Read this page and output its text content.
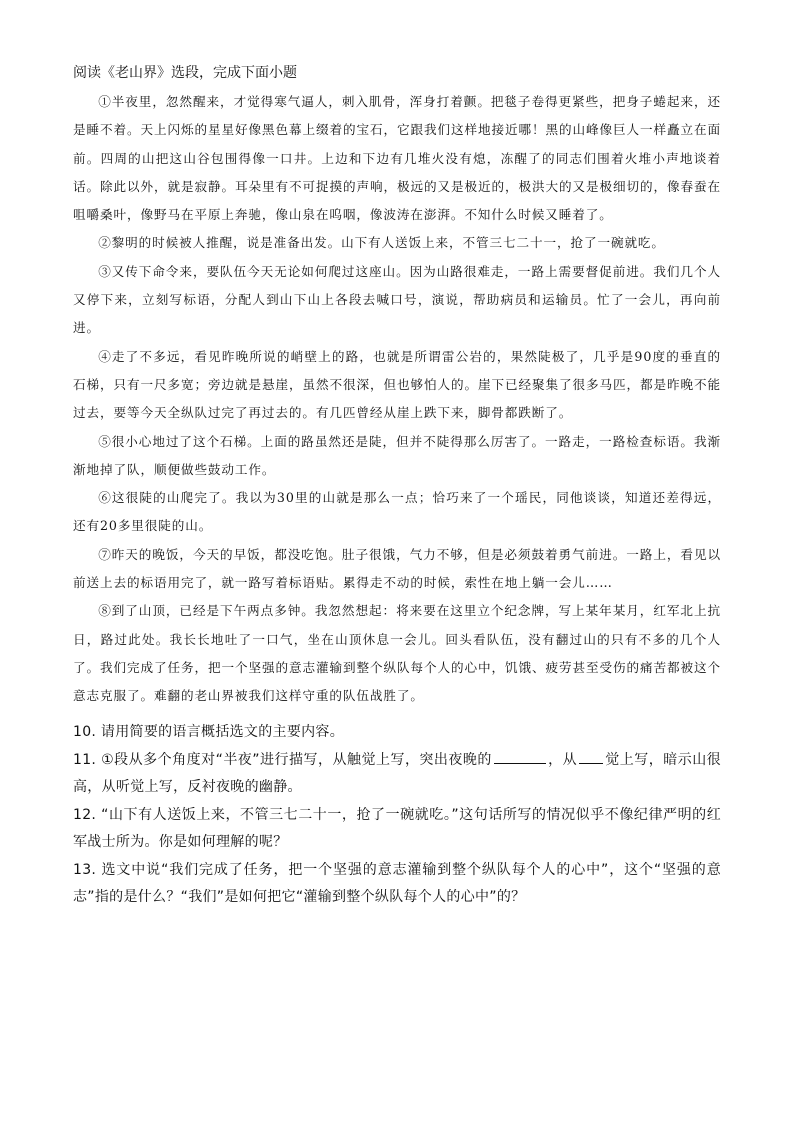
阅读《老山界》选段，完成下面小题

①半夜里，忽然醒来，才觉得寒气逼人，刺入肌骨，浑身打着颤。把毯子卷得更紧些，把身子蜷起来，还是睡不着。天上闪烁的星星好像黑色幕上缀着的宝石，它跟我们这样地接近哪！黑的山峰像巨人一样矗立在面前。四周的山把这山谷包围得像一口井。上边和下边有几堆火没有熄，冻醒了的同志们围着火堆小声地谈着话。除此以外，就是寂静。耳朵里有不可捉摸的声响，极远的又是极近的，极洪大的又是极细切的，像春蚕在咀嚼桑叶，像野马在平原上奔驰，像山泉在呜咽，像波涛在澎湃。不知什么时候又睡着了。

②黎明的时候被人推醒，说是准备出发。山下有人送饭上来，不管三七二十一，抢了一碗就吃。

③又传下命令来，要队伍今天无论如何爬过这座山。因为山路很难走，一路上需要督促前进。我们几个人又停下来，立刻写标语，分配人到山下山上各段去喊口号，演说，帮助病员和运输员。忙了一会儿，再向前进。

④走了不多远，看见昨晚所说的峭壁上的路，也就是所谓雷公岩的，果然陡极了，几乎是90度的垂直的石梯，只有一尺多宽；旁边就是悬崖，虽然不很深，但也够怕人的。崖下已经聚集了很多马匹，都是昨晚不能过去，要等今天全纵队过完了再过去的。有几匹曾经从崖上跌下来，脚骨都跌断了。

⑤很小心地过了这个石梯。上面的路虽然还是陡，但并不陡得那么厉害了。一路走，一路检查标语。我渐渐地掉了队，顺便做些鼓动工作。

⑥这很陡的山爬完了。我以为30里的山就是那么一点；恰巧来了一个瑶民，同他谈谈，知道还差得远，还有20多里很陡的山。

⑦昨天的晚饭，今天的早饭，都没吃饱。肚子很饿，气力不够，但是必须鼓着勇气前进。一路上，看见以前送上去的标语用完了，就一路写着标语贴。累得走不动的时候，索性在地上躺一会儿……

⑧到了山顶，已经是下午两点多钟。我忽然想起：将来要在这里立个纪念牌，写上某年某月，红军北上抗日，路过此处。我长长地吐了一口气，坐在山顶休息一会儿。回头看队伍，没有翻过山的只有不多的几个人了。我们完成了任务，把一个坚强的意志灌输到整个纵队每个人的心中，饥饿、疲劳甚至受伤的痛苦都被这个意志克服了。难翻的老山界被我们这样守重的队伍战胜了。

10. 请用简要的语言概括选文的主要内容。

11. ①段从多个角度对“半夜”进行描写，从触觉上写，突出夜晚的	，从 觉上写，暗示山很高，从听觉上写，反衬夜晚的幽静。

12. “山下有人送饭上来，不管三七二十一，抢了一碗就吃。”这句话所写的情况似乎不像纪律严明的红军战士所为。你是如何理解的呢？

13. 选文中说“我们完成了任务，把一个坚强的意志灌输到整个纵队每个人的心中”，这个“坚强的意志”指的是什么？“我们”是如何把它“灌输到整个纵队每个人的心中”的？
